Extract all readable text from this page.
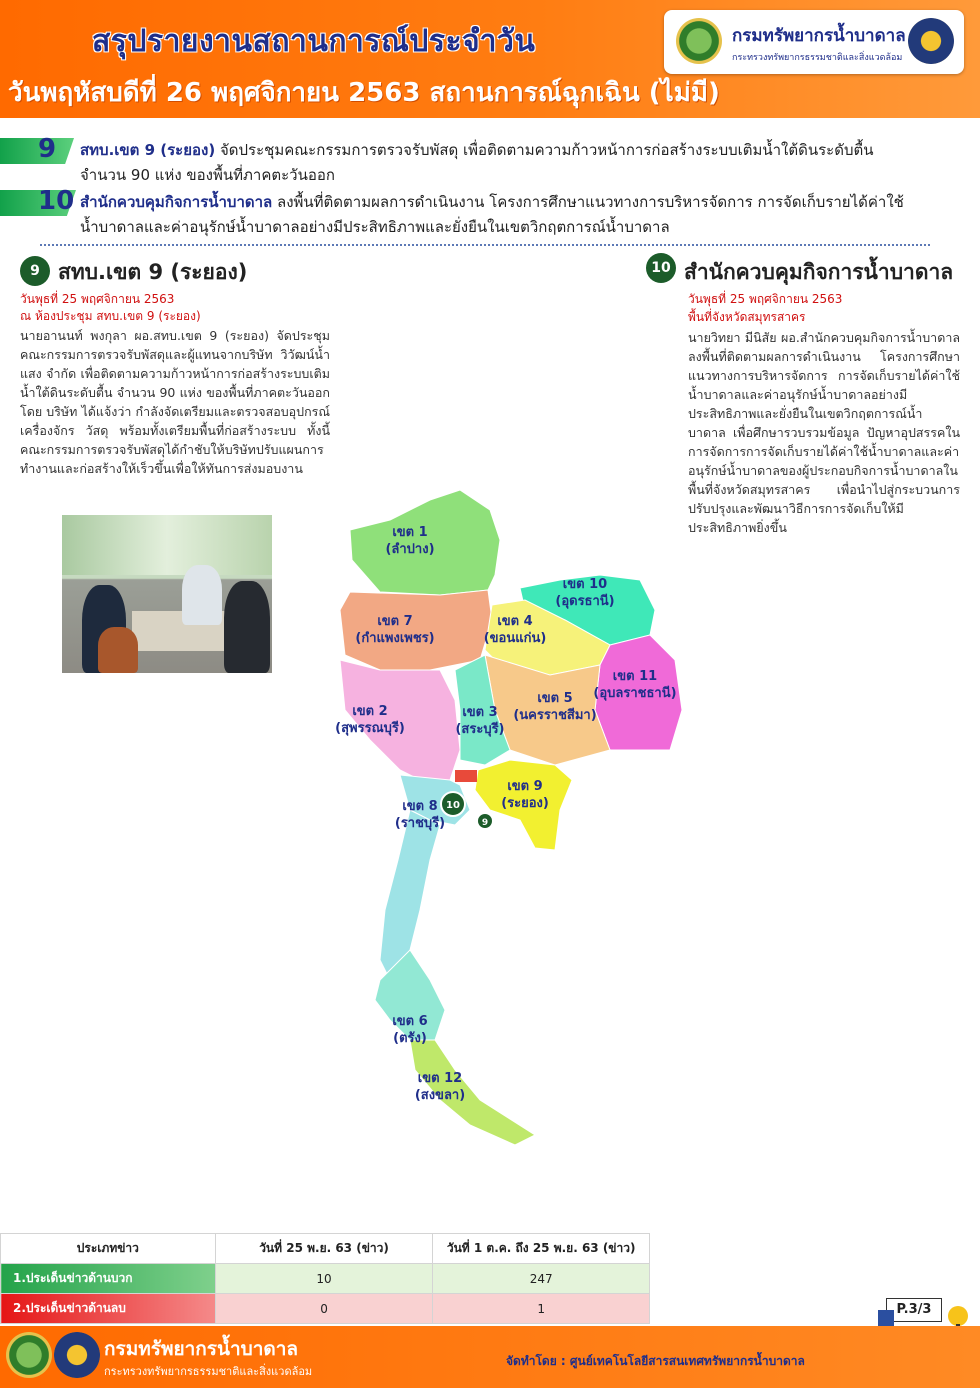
สรุปรายงานสถานการณ์ประจำวัน
วันพฤหัสบดีที่ 26 พฤศจิกายน 2563 สถานการณ์ฉุกเฉิน (ไม่มี)
กรมทรัพยากรน้ำบาดาล
กระทรวงทรัพยากรธรรมชาติและสิ่งแวดล้อม
9 สทบ.เขต 9 (ระยอง) จัดประชุมคณะกรรมการตรวจรับพัสดุ เพื่อติดตามความก้าวหน้าการก่อสร้างระบบเติมน้ำใต้ดินระดับตื้น
จำนวน 90 แห่ง ของพื้นที่ภาคตะวันออก
10 สำนักควบคุมกิจการน้ำบาดาล ลงพื้นที่ติดตามผลการดำเนินงาน โครงการศึกษาแนวทางการบริหารจัดการ การจัดเก็บรายได้ค่าใช้
น้ำบาดาลและค่าอนุรักษ์น้ำบาดาลอย่างมีประสิทธิภาพและยั่งยืนในเขตวิกฤตการณ์น้ำบาดาล
9 สทบ.เขต 9 (ระยอง)
วันพุธที่ 25 พฤศจิกายน 2563
ณ ห้องประชุม สทบ.เขต 9 (ระยอง)
นายอานนท์ พงกุลา ผอ.สทบ.เขต 9 (ระยอง) จัดประชุมคณะกรรมการตรวจรับพัสดุและผู้แทนจากบริษัท วิวัฒน์น้ำแสง จำกัด เพื่อติดตามความก้าวหน้าการก่อสร้างระบบเติมน้ำใต้ดินระดับตื้น จำนวน 90 แห่ง ของพื้นที่ภาคตะวันออก โดย บริษัท ได้แจ้งว่า กำลังจัดเตรียมและตรวจสอบอุปกรณ์ เครื่องจักร วัสดุ พร้อมทั้งเตรียมพื้นที่ก่อสร้างระบบ ทั้งนี้ คณะกรรมการตรวจรับพัสดุได้กำชับให้บริษัทปรับแผนการทำงานและก่อสร้างให้เร็วขึ้นเพื่อให้ทันการส่งมอบงาน
10 สำนักควบคุมกิจการน้ำบาดาล
วันพุธที่ 25 พฤศจิกายน 2563
พื้นที่จังหวัดสมุทรสาคร
นายวิทยา มีนิสัย ผอ.สำนักควบคุมกิจการน้ำบาดาล ลงพื้นที่ติดตามผลการดำเนินงาน โครงการศึกษาแนวทางการบริหารจัดการ การจัดเก็บรายได้ค่าใช้น้ำบาดาลและค่าอนุรักษ์น้ำบาดาลอย่างมีประสิทธิภาพและยั่งยืนในเขตวิกฤตการณ์น้ำบาดาล เพื่อศึกษารวบรวมข้อมูล ปัญหาอุปสรรคในการจัดการการจัดเก็บรายได้ค่าใช้น้ำบาดาลและค่าอนุรักษ์น้ำบาดาลของผู้ประกอบกิจการน้ำบาดาลในพื้นที่จังหวัดสมุทรสาคร เพื่อนำไปสู่กระบวนการปรับปรุงและพัฒนาวิธีการการจัดเก็บให้มีประสิทธิภาพยิ่งขึ้น
เขต 1
(ลำปาง)
เขต 10
(อุดรธานี)
เขต 4
(ขอนแก่น)
เขต 7
(กำแพงเพชร)
เขต 11
(อุบลราชธานี)
เขต 5
(นครราชสีมา)
เขต 2
(สุพรรณบุรี)
เขต 3
(สระบุรี)
เขต 9
(ระยอง)
เขต 8
(ราชบุรี)
เขต 6
(ตรัง)
เขต 12
(สงขลา)
10
9
ประเภทข่าว	วันที่ 25 พ.ย. 63 (ข่าว)	วันที่ 1 ต.ค. ถึง 25 พ.ย. 63 (ข่าว)
1.ประเด็นข่าวด้านบวก	10	247
2.ประเด็นข่าวด้านลบ	0	1	P.3/3
กรมทรัพยากรน้ำบาดาล
กระทรวงทรัพยากรธรรมชาติและสิ่งแวดล้อม
จัดทำโดย : ศูนย์เทคโนโลยีสารสนเทศทรัพยากรน้ำบาดาล
